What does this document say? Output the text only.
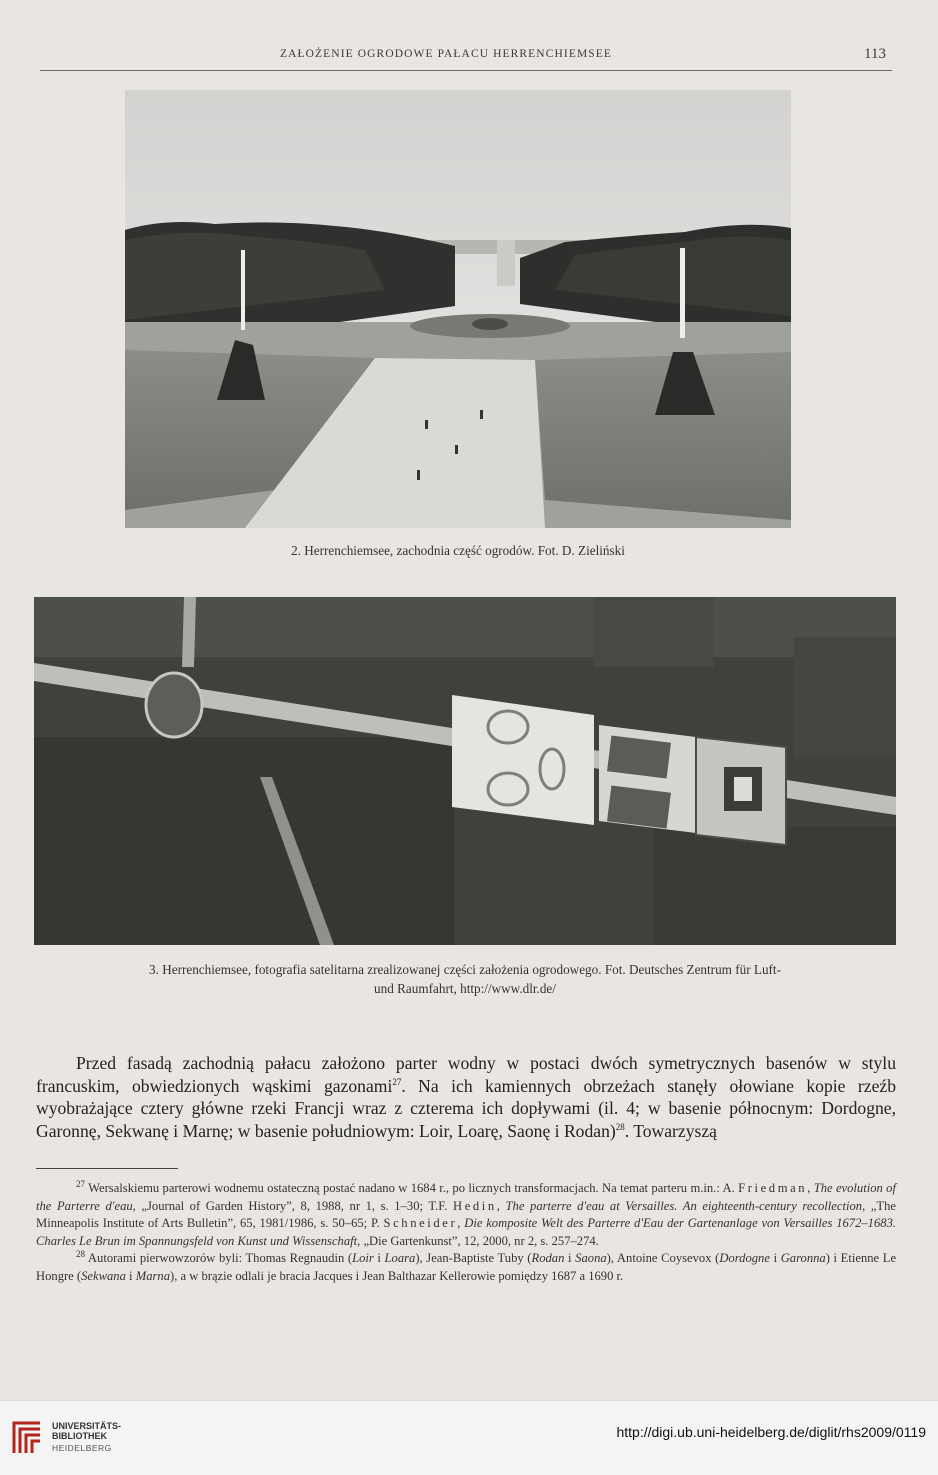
ZAŁOŻENIE OGRODOWE PAŁACU HERRENCHIEMSEE	113
2. Herrenchiemsee, zachodnia część ogrodów. Fot. D. Zieliński
3. Herrenchiemsee, fotografia satelitarna zrealizowanej części założenia ogrodowego. Fot. Deutsches Zentrum für Luft-
und Raumfahrt, http://www.dlr.de/
Przed fasadą zachodnią pałacu założono parter wodny w postaci dwóch symetrycznych basenów w stylu francuskim, obwiedzionych wąskimi gazonami$^{27}$. Na ich kamiennych obrzeżach stanęły ołowiane kopie rzeźb wyobrażające cztery główne rzeki Francji wraz z czterema ich dopływami (il. 4; w basenie północnym: Dordogne, Garonnę, Sekwanę i Marnę; w basenie południowym: Loir, Loarę, Saonę i Rodan)$^{28}$. Towarzyszą
$^{27}$ Wersalskiemu parterowi wodnemu ostateczną postać nadano w 1684 r., po licznych transformacjach. Na temat parteru m.in.: A. Friedman, The evolution of the Parterre d'eau, „Journal of Garden History”, 8, 1988, nr 1, s. 1–30; T.F. Hedin, The parterre d'eau at Versailles. An eighteenth-century recollection, „The Minneapolis Institute of Arts Bulletin”, 65, 1981/1986, s. 50–65; P. Schneider, Die komposite Welt des Parterre d'Eau der Gartenanlage von Versailles 1672–1683. Charles Le Brun im Spannungsfeld von Kunst und Wissenschaft, „Die Gartenkunst”, 12, 2000, nr 2, s. 257–274.
$^{28}$ Autorami pierwowzorów byli: Thomas Regnaudin (Loir i Loara), Jean-Baptiste Tuby (Rodan i Saona), Antoine Coysevox (Dordogne i Garonna) i Etienne Le Hongre (Sekwana i Marna), a w brązie odlali je bracia Jacques i Jean Balthazar Kellerowie pomiędzy 1687 a 1690 r.
UNIVERSITÄTS-
BIBLIOTHEK
HEIDELBERG
http://digi.ub.uni-heidelberg.de/diglit/rhs2009/0119
